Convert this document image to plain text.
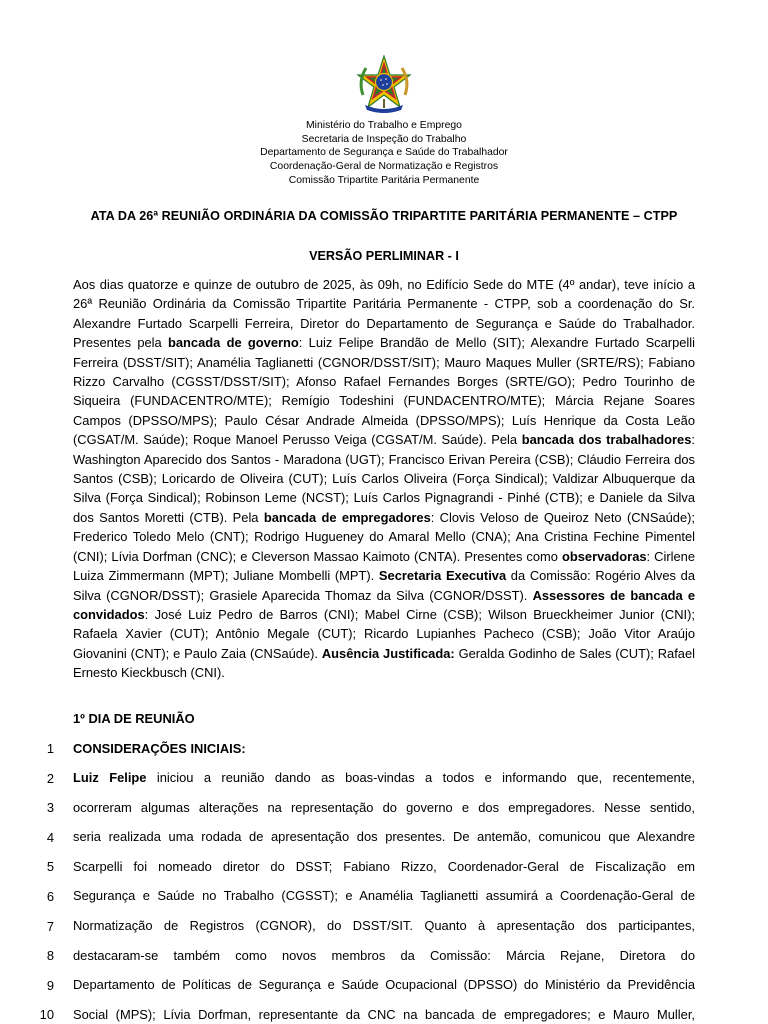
Ministério do Trabalho e Emprego
Secretaria de Inspeção do Trabalho
Departamento de Segurança e Saúde do Trabalhador
Coordenação-Geral de Normatização e Registros
Comissão Tripartite Paritária Permanente
ATA DA 26ª REUNIÃO ORDINÁRIA DA COMISSÃO TRIPARTITE PARITÁRIA PERMANENTE – CTPP
VERSÃO PERLIMINAR - I
Aos dias quatorze e quinze de outubro de 2025, às 09h, no Edifício Sede do MTE (4º andar), teve início a 26ª Reunião Ordinária da Comissão Tripartite Paritária Permanente - CTPP, sob a coordenação do Sr. Alexandre Furtado Scarpelli Ferreira, Diretor do Departamento de Segurança e Saúde do Trabalhador. Presentes pela bancada de governo: Luiz Felipe Brandão de Mello (SIT); Alexandre Furtado Scarpelli Ferreira (DSST/SIT); Anamélia Taglianetti (CGNOR/DSST/SIT); Mauro Maques Muller (SRTE/RS); Fabiano Rizzo Carvalho (CGSST/DSST/SIT); Afonso Rafael Fernandes Borges (SRTE/GO); Pedro Tourinho de Siqueira (FUNDACENTRO/MTE); Remígio Todeshini (FUNDACENTRO/MTE); Márcia Rejane Soares Campos (DPSSO/MPS); Paulo César Andrade Almeida (DPSSO/MPS); Luís Henrique da Costa Leão (CGSAT/M. Saúde); Roque Manoel Perusso Veiga (CGSAT/M. Saúde). Pela bancada dos trabalhadores: Washington Aparecido dos Santos - Maradona (UGT); Francisco Erivan Pereira (CSB); Cláudio Ferreira dos Santos (CSB); Loricardo de Oliveira (CUT); Luís Carlos Oliveira (Força Sindical); Valdizar Albuquerque da Silva (Força Sindical); Robinson Leme (NCST); Luís Carlos Pignagrandi - Pinhé (CTB); e Daniele da Silva dos Santos Moretti (CTB). Pela bancada de empregadores: Clovis Veloso de Queiroz Neto (CNSaúde); Frederico Toledo Melo (CNT); Rodrigo Hugueney do Amaral Mello (CNA); Ana Cristina Fechine Pimentel (CNI); Lívia Dorfman (CNC); e Cleverson Massao Kaimoto (CNTA). Presentes como observadoras: Cirlene Luiza Zimmermann (MPT); Juliane Mombelli (MPT). Secretaria Executiva da Comissão: Rogério Alves da Silva (CGNOR/DSST); Grasiele Aparecida Thomaz da Silva (CGNOR/DSST). Assessores de bancada e convidados: José Luiz Pedro de Barros (CNI); Mabel Cirne (CSB); Wilson Brueckheimer Junior (CNI); Rafaela Xavier (CUT); Antônio Megale (CUT); Ricardo Lupianhes Pacheco (CSB); João Vitor Araújo Giovanini (CNT); e Paulo Zaia (CNSaúde). Ausência Justificada: Geralda Godinho de Sales (CUT); Rafael Ernesto Kieckbusch (CNI).
1º DIA DE REUNIÃO
1
2
3
4
5
6
7
8
9
10
CONSIDERAÇÕES INICIAIS:
Luiz Felipe iniciou a reunião dando as boas-vindas a todos e informando que, recentemente,
ocorreram algumas alterações na representação do governo e dos empregadores. Nesse sentido,
seria realizada uma rodada de apresentação dos presentes. De antemão, comunicou que Alexandre
Scarpelli foi nomeado diretor do DSST; Fabiano Rizzo, Coordenador-Geral de Fiscalização em
Segurança e Saúde no Trabalho (CGSST); e Anamélia Taglianetti assumirá a Coordenação-Geral de
Normatização de Registros (CGNOR), do DSST/SIT. Quanto à apresentação dos participantes,
destacaram-se também como novos membros da Comissão: Márcia Rejane, Diretora do
Departamento de Políticas de Segurança e Saúde Ocupacional (DPSSO) do Ministério da Previdência
Social (MPS); Lívia Dorfman, representante da CNC na bancada de empregadores; e Mauro Muller,
